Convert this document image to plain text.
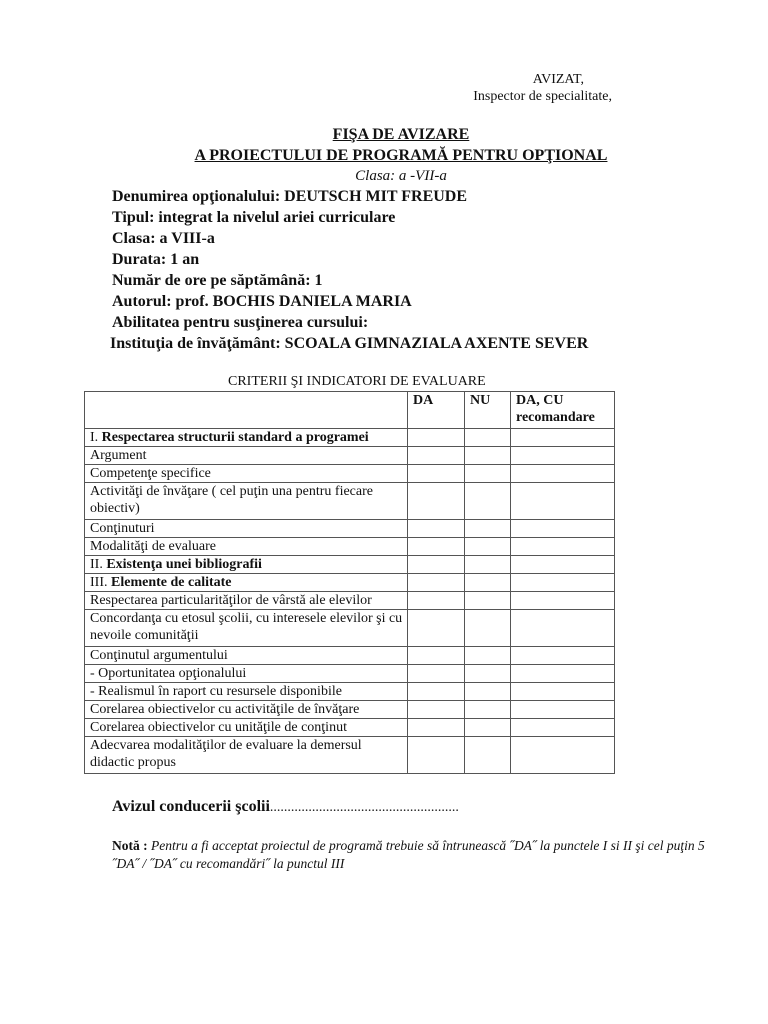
AVIZAT,
Inspector de specialitate,
FIŞA DE AVIZARE
A PROIECTULUI DE PROGRAMĂ PENTRU OPŢIONAL
Clasa: a -VII-a
Denumirea opţionalului: DEUTSCH MIT FREUDE
Tipul: integrat la nivelul ariei curriculare
Clasa: a VIII-a
Durata: 1 an
Număr de ore pe săptămână: 1
Autorul: prof. BOCHIS DANIELA MARIA
Abilitatea pentru susţinerea cursului:
Instituţia de învăţământ: SCOALA GIMNAZIALA AXENTE SEVER
CRITERII ŞI INDICATORI DE EVALUARE
	DA	NU	DA, CU recomandare
I. Respectarea structurii standard a programei			
Argument			
Competenţe specifice			
Activităţi de învăţare ( cel puţin una pentru fiecare obiectiv)			
Conţinuturi			
Modalităţi de evaluare			
II. Existenţa unei bibliografii			
III. Elemente de calitate			
Respectarea particularităţilor de vârstă ale elevilor			
Concordanţa cu etosul şcolii, cu interesele elevilor şi cu nevoile comunităţii			
Conţinutul argumentului			
- Oportunitatea opţionalului			
- Realismul în raport cu resursele disponibile			
Corelarea obiectivelor cu activităţile de învăţare			
Corelarea obiectivelor cu unităţile de conţinut			
Adecvarea modalităţilor de evaluare la demersul didactic propus			
Avizul conducerii şcolii......................................................
Notă : Pentru a fi acceptat proiectul de programă trebuie să întrunească ˝DA˝ la punctele I si II şi cel puţin 5 ˝DA˝ / ˝DA˝ cu recomandări˝ la punctul III
